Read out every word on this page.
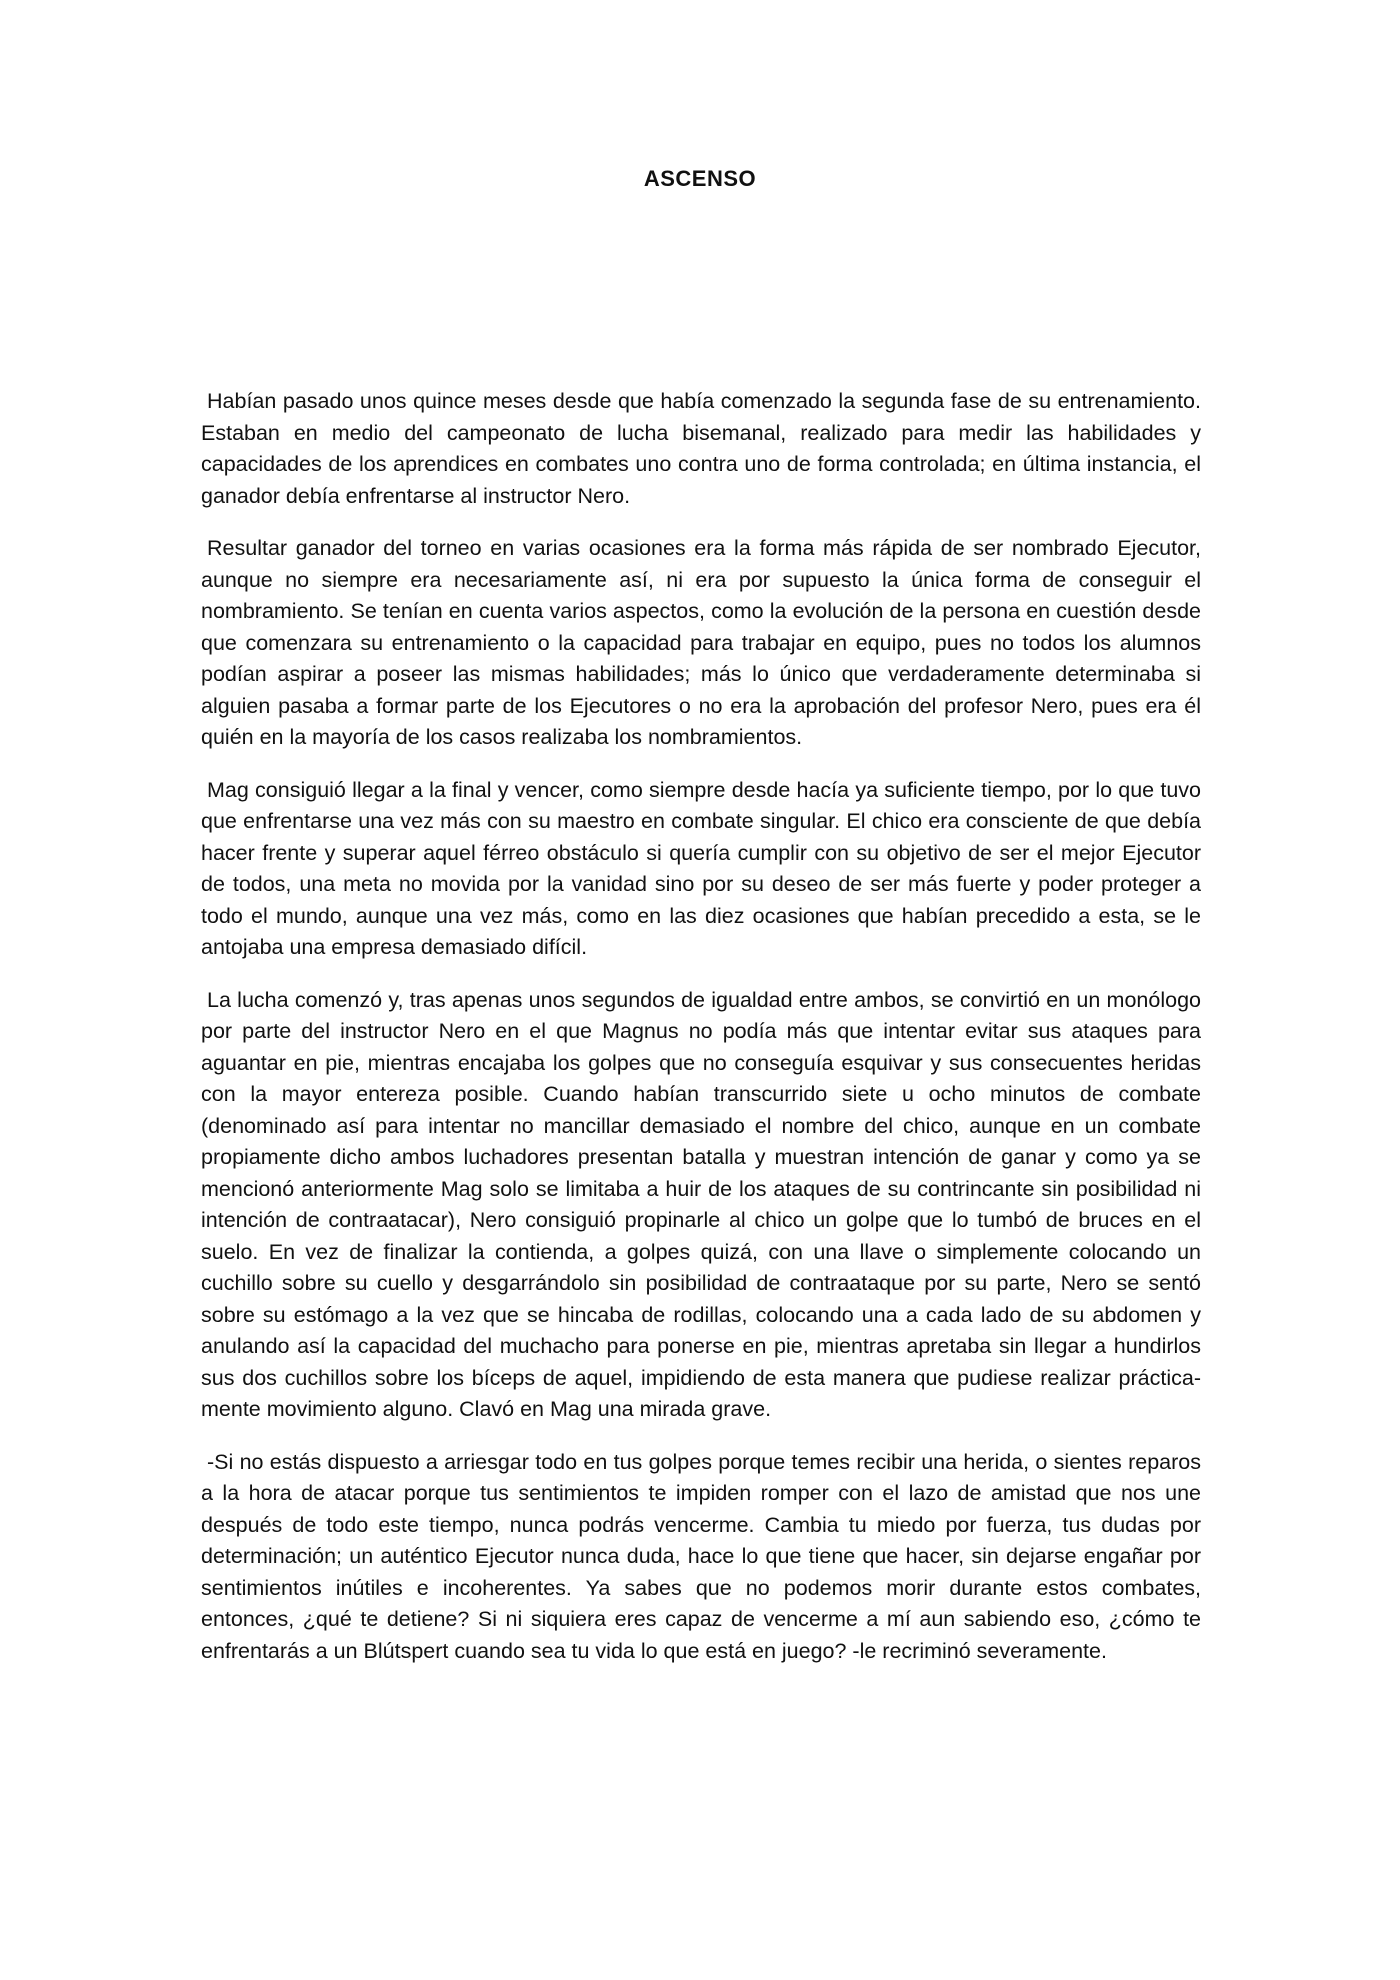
ASCENSO

Habían pasado unos quince meses desde que había comenzado la segunda fase de su entrenamiento. Estaban en medio del campeonato de lucha bisemanal, realizado para medir las habilidades y capacidades de los aprendices en combates uno contra uno de forma controlada; en última instancia, el ganador debía enfrentarse al instructor Nero.

Resultar ganador del torneo en varias ocasiones era la forma más rápida de ser nombrado Ejecutor, aunque no siempre era necesariamente así, ni era por supuesto la única forma de conseguir el nombramiento. Se tenían en cuenta varios aspectos, como la evolución de la persona en cuestión desde que comenzara su entrenamiento o la capacidad para trabajar en equipo, pues no todos los alumnos podían aspirar a poseer las mismas habilidades; más lo único que verdaderamente determinaba si alguien pasaba a formar parte de los Ejecutores o no era la aprobación del profesor Nero, pues era él quién en la mayoría de los casos realizaba los nombramientos.

Mag consiguió llegar a la final y vencer, como siempre desde hacía ya suficiente tiempo, por lo que tuvo que enfrentarse una vez más con su maestro en combate singular. El chico era consciente de que debía hacer frente y superar aquel férreo obstáculo si quería cumplir con su objetivo de ser el mejor Ejecutor de todos, una meta no movida por la vanidad sino por su deseo de ser más fuerte y poder proteger a todo el mundo, aunque una vez más, como en las diez ocasiones que habían precedido a esta, se le antojaba una empresa demasiado difícil.

La lucha comenzó y, tras apenas unos segundos de igualdad entre ambos, se convirtió en un monólogo por parte del instructor Nero en el que Magnus no podía más que intentar evitar sus ataques para aguantar en pie, mientras encajaba los golpes que no conseguía esquivar y sus consecuentes heridas con la mayor entereza posible. Cuando habían transcurrido siete u ocho minutos de combate (denominado así para intentar no mancillar demasiado el nombre del chico, aunque en un combate propiamente dicho ambos luchadores presentan batalla y muestran intención de ganar y como ya se mencionó anteriormente Mag solo se limitaba a huir de los ataques de su contrincante sin posibilidad ni intención de contraatacar), Nero consiguió propinarle al chico un golpe que lo tumbó de bruces en el suelo. En vez de finalizar la contienda, a golpes quizá, con una llave o simplemente colocando un cuchillo sobre su cuello y desgarrándolo sin posibilidad de contraataque por su parte, Nero se sentó sobre su estómago a la vez que se hincaba de rodillas, colocando una a cada lado de su abdomen y anulando así la capacidad del muchacho para ponerse en pie, mientras apretaba sin llegar a hundirlos sus dos cuchillos sobre los bíceps de aquel, impidiendo de esta manera que pudiese realizar prácticamente movimiento alguno. Clavó en Mag una mirada grave.

-Si no estás dispuesto a arriesgar todo en tus golpes porque temes recibir una herida, o sientes reparos a la hora de atacar porque tus sentimientos te impiden romper con el lazo de amistad que nos une después de todo este tiempo, nunca podrás vencerme. Cambia tu miedo por fuerza, tus dudas por determinación; un auténtico Ejecutor nunca duda, hace lo que tiene que hacer, sin dejarse engañar por sentimientos inútiles e incoherentes. Ya sabes que no podemos morir durante estos combates, entonces, ¿qué te detiene? Si ni siquiera eres capaz de vencerme a mí aun sabiendo eso, ¿cómo te enfrentarás a un Blútspert cuando sea tu vida lo que está en juego? -le recriminó severamente.
